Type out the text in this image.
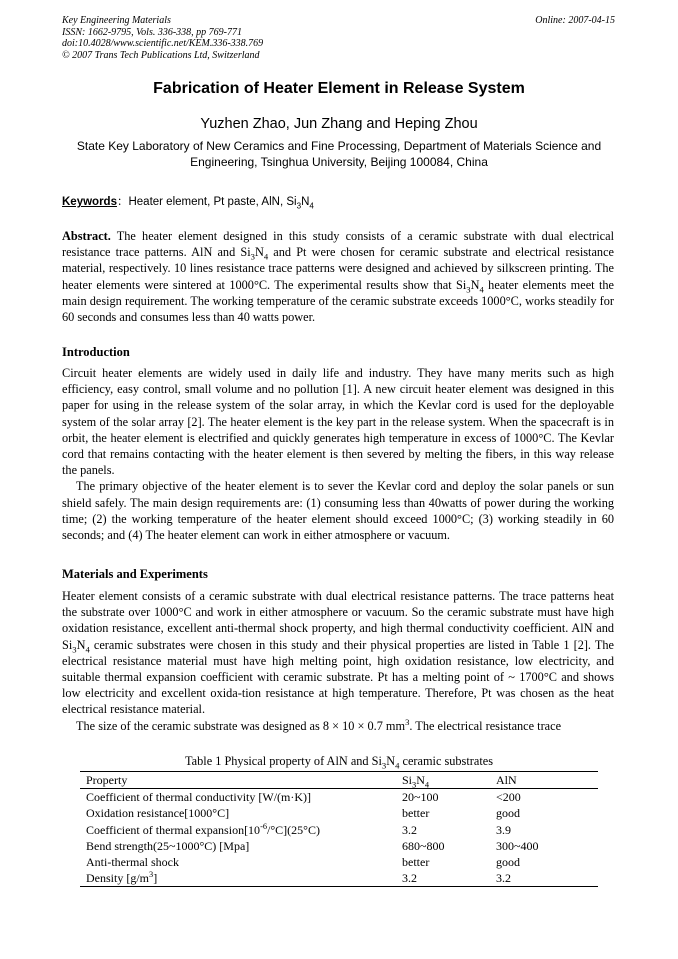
Key Engineering Materials
ISSN: 1662-9795, Vols. 336-338, pp 769-771
doi:10.4028/www.scientific.net/KEM.336-338.769
© 2007 Trans Tech Publications Ltd, Switzerland
Online: 2007-04-15
Fabrication of Heater Element in Release System
Yuzhen Zhao, Jun Zhang and Heping Zhou
State Key Laboratory of New Ceramics and Fine Processing, Department of Materials Science and
Engineering, Tsinghua University, Beijing 100084, China
Keywords：Heater element, Pt paste, AlN, $Si_3N_4$
Abstract. The heater element designed in this study consists of a ceramic substrate with dual electrical resistance trace patterns. AlN and $Si_3N_4$ and Pt were chosen for ceramic substrate and electrical resistance material, respectively. 10 lines resistance trace patterns were designed and achieved by silkscreen printing. The heater elements were sintered at 1000°C. The experimental results show that $Si_3N_4$ heater elements meet the main design requirement. The working temperature of the ceramic substrate exceeds 1000°C, works steadily for 60 seconds and consumes less than 40 watts power.
Introduction
Circuit heater elements are widely used in daily life and industry. They have many merits such as high efficiency, easy control, small volume and no pollution [1]. A new circuit heater element was designed in this paper for using in the release system of the solar array, in which the Kevlar cord is used for the deployable system of the solar array [2]. The heater element is the key part in the release system. When the spacecraft is in orbit, the heater element is electrified and quickly generates high temperature in excess of 1000°C. The Kevlar cord that remains contacting with the heater element is then severed by melting the fibers, in this way release the panels.
The primary objective of the heater element is to sever the Kevlar cord and deploy the solar panels or sun shield safely. The main design requirements are: (1) consuming less than 40watts of power during the working time; (2) the working temperature of the heater element should exceed 1000°C; (3) working steadily in 60 seconds; and (4) The heater element can work in either atmosphere or vacuum.
Materials and Experiments
Heater element consists of a ceramic substrate with dual electrical resistance patterns. The trace patterns heat the substrate over 1000°C and work in either atmosphere or vacuum. So the ceramic substrate must have high oxidation resistance, excellent anti-thermal shock property, and high thermal conductivity coefficient. AlN and $Si_3N_4$ ceramic substrates were chosen in this study and their physical properties are listed in Table 1 [2]. The electrical resistance material must have high melting point, high oxidation resistance, low electricity, and suitable thermal expansion coefficient with ceramic substrate. Pt has a melting point of ~ 1700°C and shows low electricity and excellent oxida-tion resistance at high temperature. Therefore, Pt was chosen as the heat electrical resistance material.
The size of the ceramic substrate was designed as 8 × 10 × 0.7 $mm^3$. The electrical resistance trace
Table 1 Physical property of AlN and $Si_3N_4$ ceramic substrates
Property	$Si_3N_4$	AlN
Coefficient of thermal conductivity [W/(m·K)]	20~100	<200
Oxidation resistance[1000°C]	better	good
Coefficient of thermal $expansion[10^{-6}/^\circ C](25^\circ C)$	3.2	3.9
Bend strength(25~1000°C) [Mpa]	680~800	300~400
Anti-thermal shock	better	good
Density $[g/m^3]$	3.2	3.2
